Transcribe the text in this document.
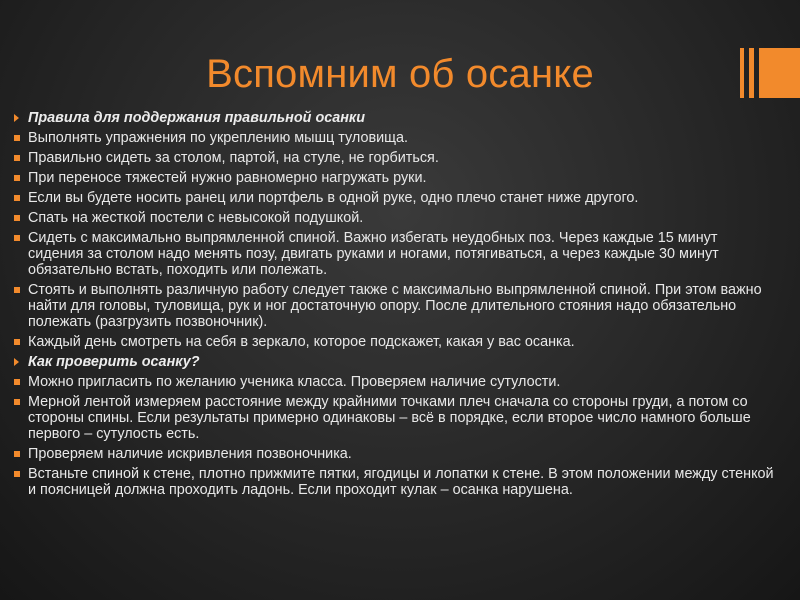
Вспомним об осанке
Правила для поддержания правильной осанки
Выполнять упражнения по укреплению мышц туловища.
Правильно сидеть за столом, партой, на стуле, не горбиться.
При переносе тяжестей нужно равномерно нагружать руки.
Если вы будете носить ранец или портфель в одной руке, одно плечо станет ниже другого.
Спать на жесткой постели с невысокой подушкой.
Сидеть с максимально выпрямленной спиной. Важно избегать неудобных поз. Через каждые 15 минут сидения за столом надо менять позу, двигать руками и ногами, потягиваться, а через каждые 30 минут обязательно встать, походить или полежать.
Стоять и выполнять различную работу следует также с максимально выпрямленной спиной. При этом важно найти для головы, туловища, рук и ног достаточную опору. После длительного стояния надо обязательно полежать (разгрузить позвоночник).
Каждый день смотреть на себя в зеркало, которое подскажет, какая у вас осанка.
Как проверить осанку?
Можно пригласить по желанию ученика класса. Проверяем наличие сутулости.
Мерной лентой измеряем расстояние между крайними точками плеч сначала со стороны груди, а потом со стороны спины. Если результаты примерно одинаковы – всё в порядке, если второе число намного больше первого – сутулость есть.
Проверяем наличие искривления позвоночника.
Встаньте спиной к стене, плотно прижмите пятки, ягодицы и лопатки к стене. В этом положении между стенкой и поясницей должна проходить ладонь. Если проходит кулак – осанка нарушена.
